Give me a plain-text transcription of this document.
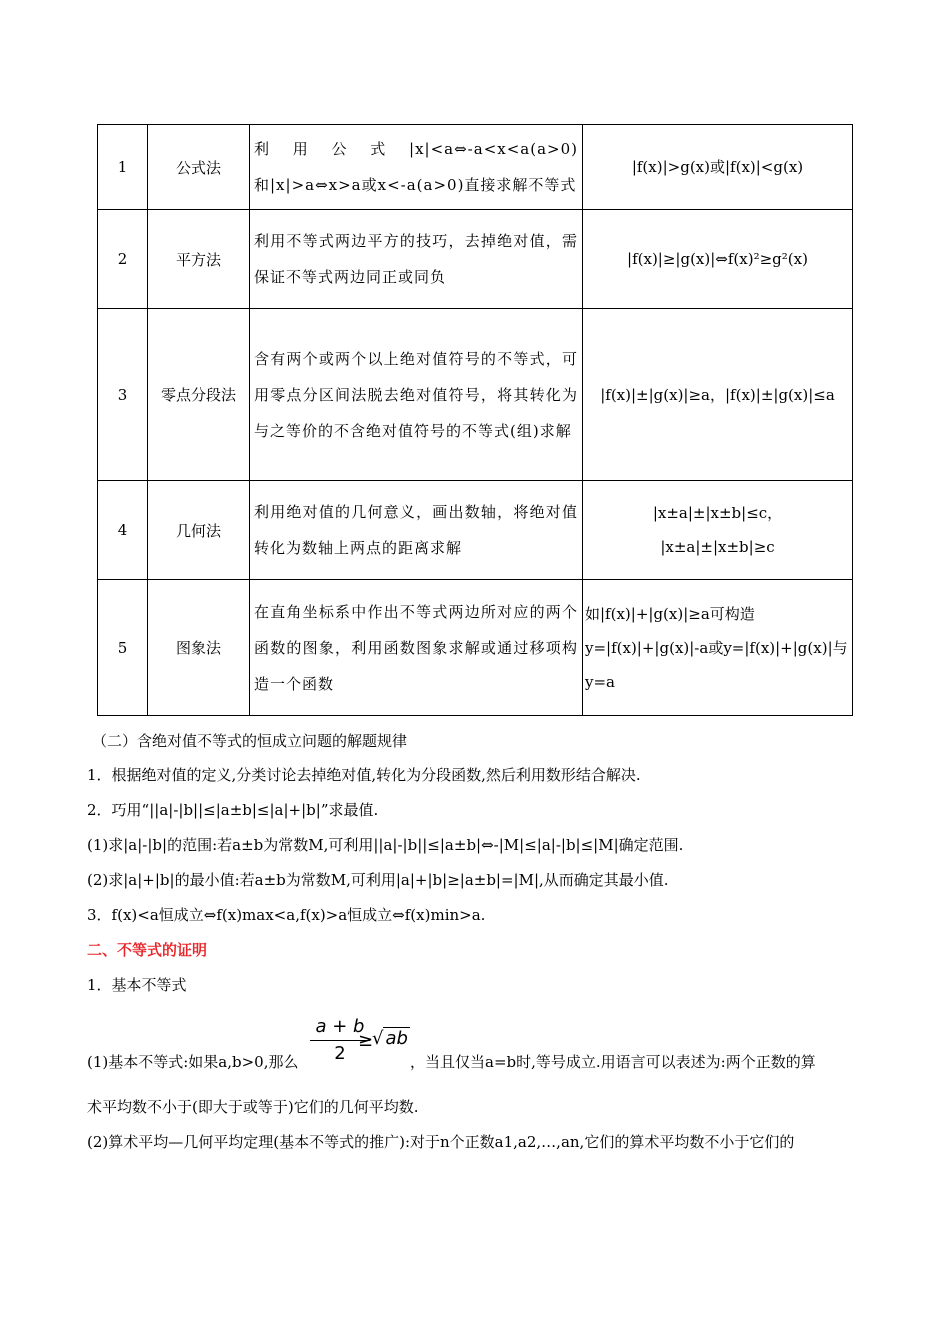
1	公式法	利用公式|x|<a⇔-a<x<a(a>0)和|x|>a⇔x>a或x<-a(a>0)直接求解不等式	|f(x)|>g(x)或|f(x)|<g(x)
2	平方法	利用不等式两边平方的技巧，去掉绝对值，需保证不等式两边同正或同负	|f(x)|≥|g(x)|⇔f(x)²≥g²(x)
3	零点分段法	含有两个或两个以上绝对值符号的不等式，可用零点分区间法脱去绝对值符号，将其转化为与之等价的不含绝对值符号的不等式(组)求解	|f(x)|±|g(x)|≥a，|f(x)|±|g(x)|≤a
4	几何法	利用绝对值的几何意义，画出数轴，将绝对值转化为数轴上两点的距离求解	|x±a|±|x±b|≤c，
|x±a|±|x±b|≥c

5	图象法	在直角坐标系中作出不等式两边所对应的两个函数的图象，利用函数图象求解或通过移项构造一个函数	如|f(x)|+|g(x)|≥a可构造y=|f(x)|+|g(x)|-a或y=|f(x)|+|g(x)|与y=a
（二）含绝对值不等式的恒成立问题的解题规律
1．根据绝对值的定义,分类讨论去掉绝对值,转化为分段函数,然后利用数形结合解决.
2．巧用“||a|-|b||≤|a±b|≤|a|+|b|”求最值.
(1)求|a|-|b|的范围:若a±b为常数M,可利用||a|-|b||≤|a±b|⇔-|M|≤|a|-|b|≤|M|确定范围.
(2)求|a|+|b|的最小值:若a±b为常数M,可利用|a|+|b|≥|a±b|=|M|,从而确定其最小值.
3．f(x)<a恒成立⇔f(x)max<a,f(x)>a恒成立⇔f(x)min>a.
二、不等式的证明
1．基本不等式
(1)基本不等式:如果a,b>0,那么 $\frac{a + b}{2}$
≥
√ ab
，当且仅当a=b时,等号成立.用语言可以表述为:两个正数的算
术平均数不小于(即大于或等于)它们的几何平均数.
(2)算术平均—几何平均定理(基本不等式的推广):对于n个正数a1,a2,…,an,它们的算术平均数不小于它们的
